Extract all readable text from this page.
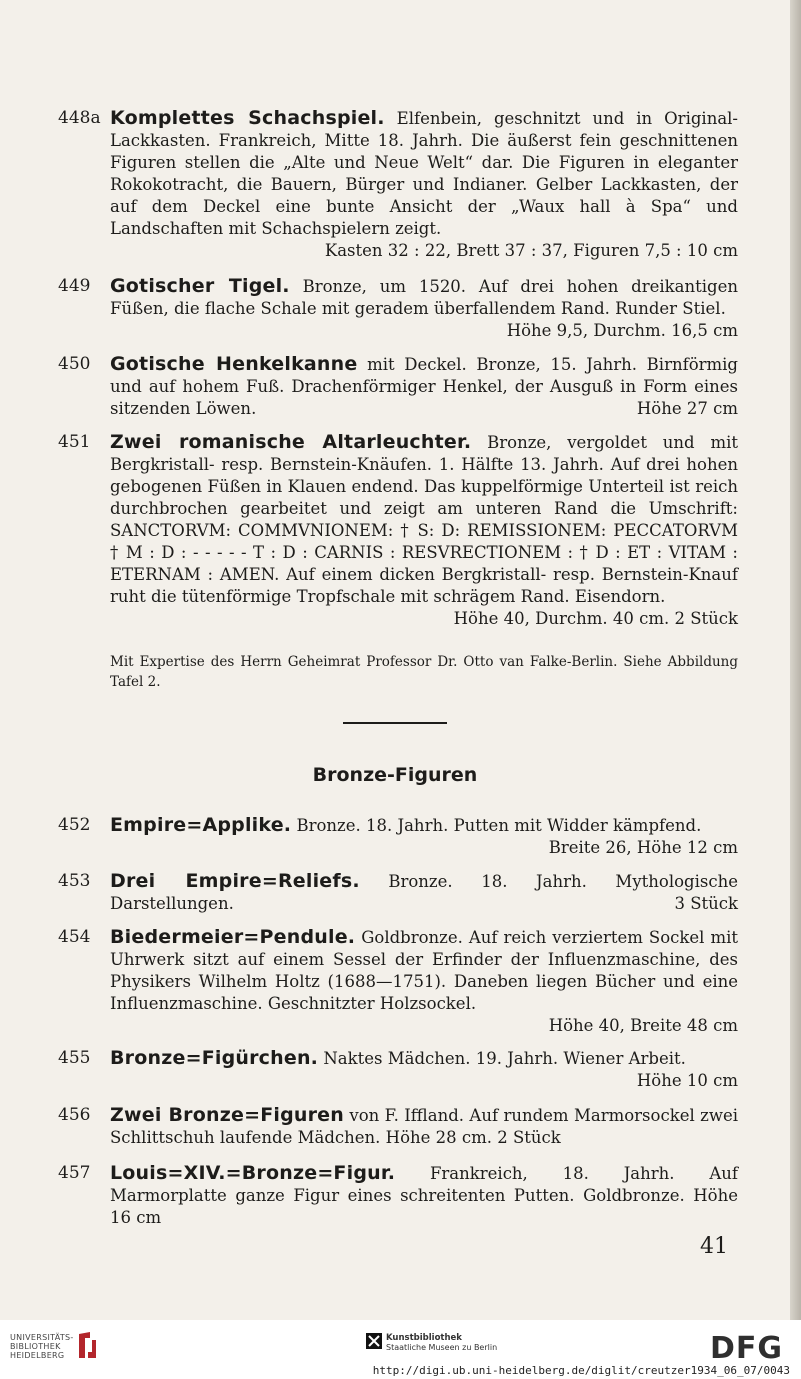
448a Komplettes Schachspiel. Elfenbein, geschnitzt und in Original-Lackkasten. Frankreich, Mitte 18. Jahrh. Die äußerst fein geschnittenen Figuren stellen die „Alte und Neue Welt“ dar. Die Figuren in eleganter Rokokotracht, die Bauern, Bürger und Indianer. Gelber Lackkasten, der auf dem Deckel eine bunte Ansicht der „Waux hall à Spa“ und Landschaften mit Schachspielern zeigt.
Kasten 32 : 22, Brett 37 : 37, Figuren 7,5 : 10 cm
449	Gotischer Tigel. Bronze, um 1520. Auf drei hohen dreikantigen Füßen, die flache Schale mit geradem überfallendem Rand. Runder Stiel.
Höhe 9,5, Durchm. 16,5 cm
450	Gotische Henkelkanne mit Deckel. Bronze, 15. Jahrh. Birnförmig und auf hohem Fuß. Drachenförmiger Henkel, der Ausguß in Form eines sitzenden Löwen.	Höhe 27 cm
451	Zwei romanische Altarleuchter. Bronze, vergoldet und mit Bergkristall- resp. Bernstein-Knäufen. 1. Hälfte 13. Jahrh. Auf drei hohen gebogenen Füßen in Klauen endend. Das kuppelförmige Unterteil ist reich durchbrochen gearbeitet und zeigt am unteren Rand die Umschrift: SANCTORVM: COMMVNIONEM: † S: D: REMISSIONEM: PECCATORVM † M : D : - - - - - T : D : CARNIS : RESVRECTIONEM : † D : ET : VITAM : ETERNAM : AMEN. Auf einem dicken Bergkristall- resp. Bernstein-Knauf ruht die tütenförmige Tropfschale mit schrägem Rand. Eisendorn.
Höhe 40, Durchm. 40 cm. 2 Stück
Mit Expertise des Herrn Geheimrat Professor Dr. Otto van Falke-Berlin. Siehe Abbildung Tafel 2.
Bronze-Figuren
452	Empire=Applike. Bronze. 18. Jahrh. Putten mit Widder kämpfend.
Breite 26, Höhe 12 cm
453	Drei Empire=Reliefs. Bronze. 18. Jahrh. Mythologische Darstellungen.	3 Stück
454	Biedermeier=Pendule. Goldbronze. Auf reich verziertem Sockel mit Uhrwerk sitzt auf einem Sessel der Erfinder der Influenzmaschine, des Physikers Wilhelm Holtz (1688—1751). Daneben liegen Bücher und eine Influenzmaschine. Geschnitzter Holzsockel.
Höhe 40, Breite 48 cm
455	Bronze=Figürchen. Naktes Mädchen. 19. Jahrh. Wiener Arbeit.
Höhe 10 cm
456	Zwei Bronze=Figuren von F. Iffland. Auf rundem Marmorsockel zwei Schlittschuh laufende Mädchen. Höhe 28 cm. 2 Stück
457	Louis=XIV.=Bronze=Figur. Frankreich, 18. Jahrh. Auf Marmorplatte ganze Figur eines schreitenten Putten. Goldbronze. Höhe 16 cm
41
UNIVERSITÄTS-
BIBLIOTHEK
HEIDELBERG
Kunstbibliothek
Staatliche Museen zu Berlin	DFG
http://digi.ub.uni-heidelberg.de/diglit/creutzer1934_06_07/0043
